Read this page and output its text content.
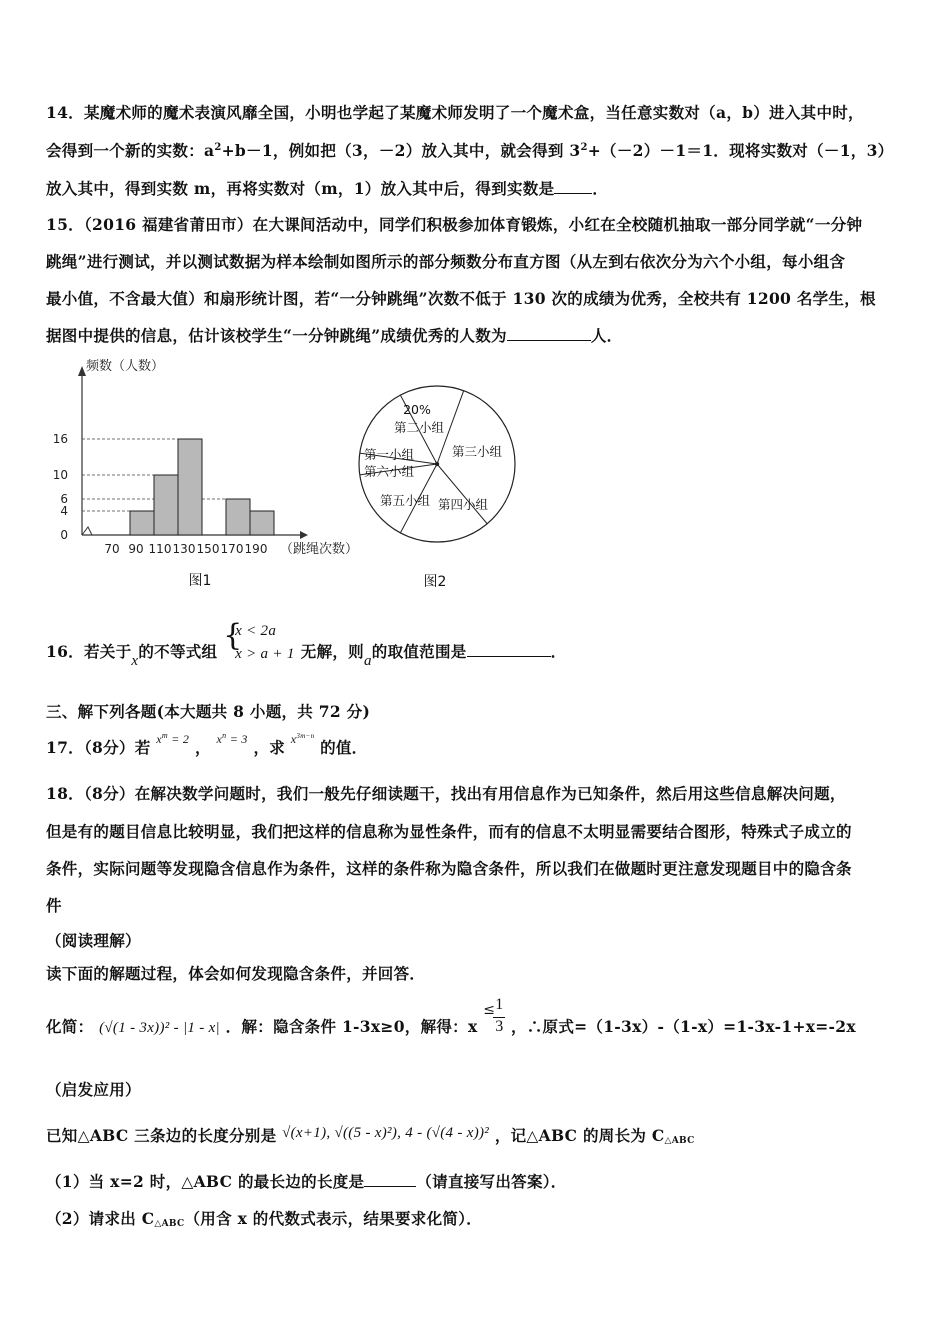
14．某魔术师的魔术表演风靡全国，小明也学起了某魔术师发明了一个魔术盒，当任意实数对（a，b）进入其中时，
会得到一个新的实数：$a^2+b-1$，例如把（3，－2）放入其中，就会得到 $3^2+(-2)-1=1$．现将实数对（－1，3）
放入其中，得到实数 m，再将实数对（m，1）放入其中后，得到实数是 ．
15．（2016 福建省莆田市）在大课间活动中，同学们积极参加体育锻炼，小红在全校随机抽取一部分同学就“一分钟
跳绳”进行测试，并以测试数据为样本绘制如图所示的部分频数分布直方图（从左到右依次分为六个小组，每小组含
最小值，不含最大值）和扇形统计图，若“一分钟跳绳”次数不低于 130 次的成绩为优秀，全校共有 1200 名学生，根
据图中提供的信息，估计该校学生“一分钟跳绳”成绩优秀的人数为	人．
频数（人数）
0
4
6
10
16
70 90 110 130 150 170 190 （跳绳次数）
图1
第二小组
20%
第三小组
第四小组
第五小组
第六小组
第一小组
图2
16．若关于x的不等式组 {
x < 2a
x > a + 1 无解，则a的取值范围是	．
三、解下列各题(本大题共 8 小题，共 72 分)
17．（8分）若 $^{x^m = 2}$ ， $^{x^n = 3}$ ，求 $^{x^{3m-n}}$ 的值．
18．（8分）在解决数学问题时，我们一般先仔细读题干，找出有用信息作为已知条件，然后用这些信息解决问题，
但是有的题目信息比较明显，我们把这样的信息称为显性条件，而有的信息不太明显需要结合图形，特殊式子成立的
条件，实际问题等发现隐含信息作为条件，这样的条件称为隐含条件，所以我们在做题时更注意发现题目中的隐含条
件
（阅读理解）
读下面的解题过程，体会如何发现隐含条件，并回答．
化简： (√(1 - 3x))² - |1 - x| ．解：隐含条件 1-3x≥0，解得：x
≤ 1
3 ，∴原式=（1-3x）-（1-x）=1-3x-1+x=-2x
（启发应用）
已知△ABC 三条边的长度分别是 √(x+1), √((5 - x)²), 4 - (√(4 - x))² ，记△ABC 的周长为 $C_{\triangle ABC}$
（1）当 x=2 时，△ABC 的最长边的长度是	（请直接写出答案）．
（2）请求出 $C_{\triangle ABC}$（用含 x 的代数式表示，结果要求化简）．
